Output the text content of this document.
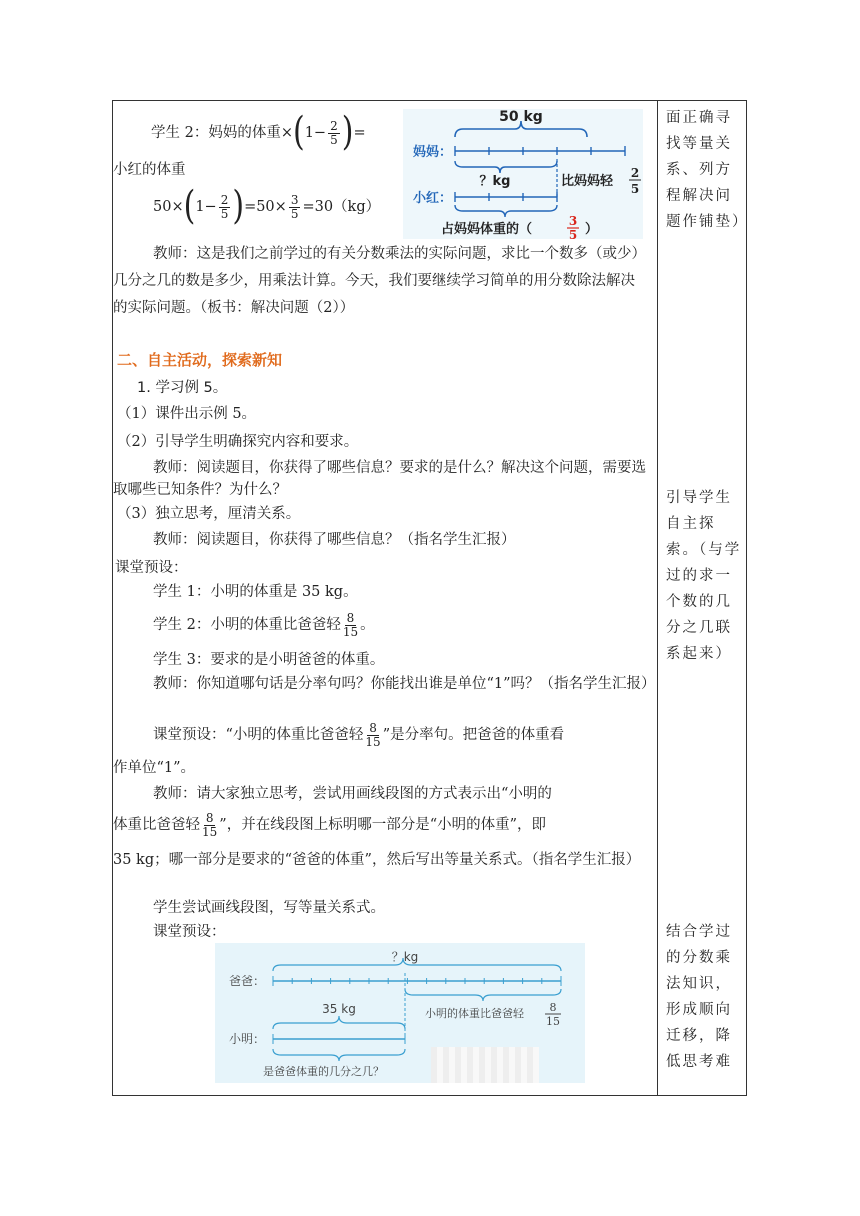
学生 2：妈妈的体重$\times(1- \frac{2}{5}$ )=
小红的体重
$50\times(1- \frac{2}{5} )=50\times \frac{3}{5} =30(kg)$
50 kg
妈妈：
？kg	比妈妈轻
2
5
小红：
占妈妈体重的（
3
5 ）
教师：这是我们之前学过的有关分数乘法的实际问题，求比一个数多（或少）几分之几的数是多少，用乘法计算。今天，我们要继续学习简单的用分数除法解决的实际问题。（板书：解决问题（2））
二、自主活动，探索新知
1. 学习例 5。
（1）课件出示例 5。
（2）引导学生明确探究内容和要求。
教师：阅读题目，你获得了哪些信息？要求的是什么？解决这个问题，需要选取哪些已知条件？为什么？
（3）独立思考，厘清关系。
教师：阅读题目，你获得了哪些信息？（指名学生汇报）
课堂预设：
学生 1：小明的体重是 35 kg。
学生 2：小明的体重比爸爸轻 $\frac{8}{15}$ 。
学生 3：要求的是小明爸爸的体重。
教师：你知道哪句话是分率句吗？你能找出谁是单位“1”吗？（指名学生汇报）
课堂预设：“小明的体重比爸爸轻 $\frac{8}{15}$ ”是分率句。把爸爸的体重看
作单位“1”。
教师：请大家独立思考，尝试用画线段图的方式表示出“小明的
体重比爸爸轻 $\frac{8}{15}$ ”，并在线段图上标明哪一部分是“小明的体重”，即
35 kg；哪一部分是要求的“爸爸的体重”，然后写出等量关系式。（指名学生汇报）
学生尝试画线段图，写等量关系式。
课堂预设：
？kg
爸爸：
小明的体重比爸爸轻 8
15
35 kg
小明：
是爸爸体重的几分之几？
面正确寻找等量关系、列方程解决问题作铺垫）
引导学生自主探索。（与学过的求一个数的几分之几联系起来）
结合学过的分数乘法知识，形成顺向迁移，降低思考难
